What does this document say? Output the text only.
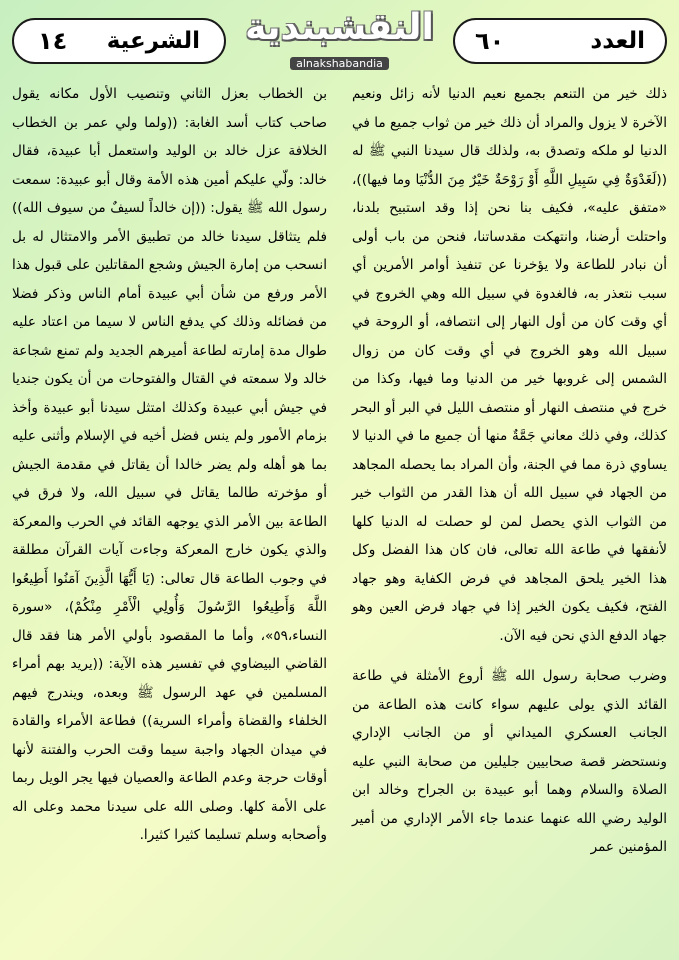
الشرعية
١٤	النقشبندية
alnakshabandia
العدد
٦٠

ذلك خير من التنعم بجميع نعيم الدنيا لأنه زائل ونعيم الآخرة لا يزول والمراد أن ذلك خير من ثواب جميع ما في الدنيا لو ملكه وتصدق به، ولذلك قال سيدنا النبي ﷺ له ((لَغَدْوَةٌ فِي سَبِيلِ اللَّهِ أَوْ رَوْحَةٌ خَيْرٌ مِنَ الدُّنْيَا وما فيها))، «متفق عليه»، فكيف بنا نحن إذا وقد استبيح بلدنا، واحتلت أرضنا، وانتهكت مقدساتنا، فنحن من باب أولى أن نبادر للطاعة ولا يؤخرنا عن تنفيذ أوامر الأمرين أي سبب نتعذر به، فالغدوة في سبيل الله وهي الخروج في أي وقت كان من أول النهار إلى انتصافه، أو الروحة في سبيل الله وهو الخروج في أي وقت كان من زوال الشمس إلى غروبها خير من الدنيا وما فيها، وكذا من خرج في منتصف النهار أو منتصف الليل في البر أو البحر كذلك، وفي ذلك معاني جَمَّةٌ منها أن جميع ما في الدنيا لا يساوي ذرة مما في الجنة، وأن المراد بما يحصله المجاهد من الجهاد في سبيل الله أن هذا القدر من الثواب خير من الثواب الذي يحصل لمن لو حصلت له الدنيا كلها لأنفقها في طاعة الله تعالى، فان كان هذا الفضل وكل هذا الخير يلحق المجاهد في فرض الكفاية وهو جهاد الفتح، فكيف يكون الخير إذا في جهاد فرض العين وهو جهاد الدفع الذي نحن فيه الآن.

وضرب صحابة رسول الله ﷺ أروع الأمثلة في طاعة القائد الذي يولى عليهم سواء كانت هذه الطاعة من الجانب العسكري الميداني أو من الجانب الإداري ونستحضر قصة صحابيين جليلين من صحابة النبي عليه الصلاة والسلام وهما أبو عبيدة بن الجراح وخالد ابن الوليد رضي الله عنهما عندما جاء الأمر الإداري من أمير المؤمنين عمر

بن الخطاب بعزل الثاني وتنصيب الأول مكانه يقول صاحب كتاب أسد الغابة: ((ولما ولي عمر بن الخطاب الخلافة عزل خالد بن الوليد واستعمل أبا عبيدة، فقال خالد: ولّي عليكم أمين هذه الأمة وقال أبو عبيدة: سمعت رسول الله ﷺ يقول: ((إن خالداً لسيفٌ من سيوف الله)) فلم يتثاقل سيدنا خالد من تطبيق الأمر والامتثال له بل انسحب من إمارة الجيش وشجع المقاتلين على قبول هذا الأمر ورفع من شأن أبي عبيدة أمام الناس وذكر فضلا من فضائله وذلك كي يدفع الناس لا سيما من اعتاد عليه طوال مدة إمارته لطاعة أميرهم الجديد ولم تمنع شجاعة خالد ولا سمعته في القتال والفتوحات من أن يكون جنديا في جيش أبي عبيدة وكذلك امتثل سيدنا أبو عبيدة وأخذ بزمام الأمور ولم ينس فضل أخيه في الإسلام وأثنى عليه بما هو أهله ولم يضر خالدا أن يقاتل في مقدمة الجيش أو مؤخرته طالما يقاتل في سبيل الله، ولا فرق في الطاعة بين الأمر الذي يوجهه القائد في الحرب والمعركة والذي يكون خارج المعركة وجاءت آيات القرآن مطلقة في وجوب الطاعة قال تعالى: (يَا أَيُّهَا الَّذِينَ آمَنُوا أَطِيعُوا اللَّهَ وَأَطِيعُوا الرَّسُولَ وَأُولِي الْأَمْرِ مِنْكُمْ)، «سورة النساء،٥٩»، وأما ما المقصود بأولي الأمر هنا فقد قال القاضي البيضاوي في تفسير هذه الآية: ((يريد بهم أمراء المسلمين في عهد الرسول ﷺ وبعده، ويندرج فيهم الخلفاء والقضاة وأمراء السرية)) فطاعة الأمراء والقادة في ميدان الجهاد واجبة سيما وقت الحرب والفتنة لأنها أوقات حرجة وعدم الطاعة والعصيان فيها يجر الويل ربما على الأمة كلها. وصلى الله على سيدنا محمد وعلى اله وأصحابه وسلم تسليما كثيرا كثيرا.
